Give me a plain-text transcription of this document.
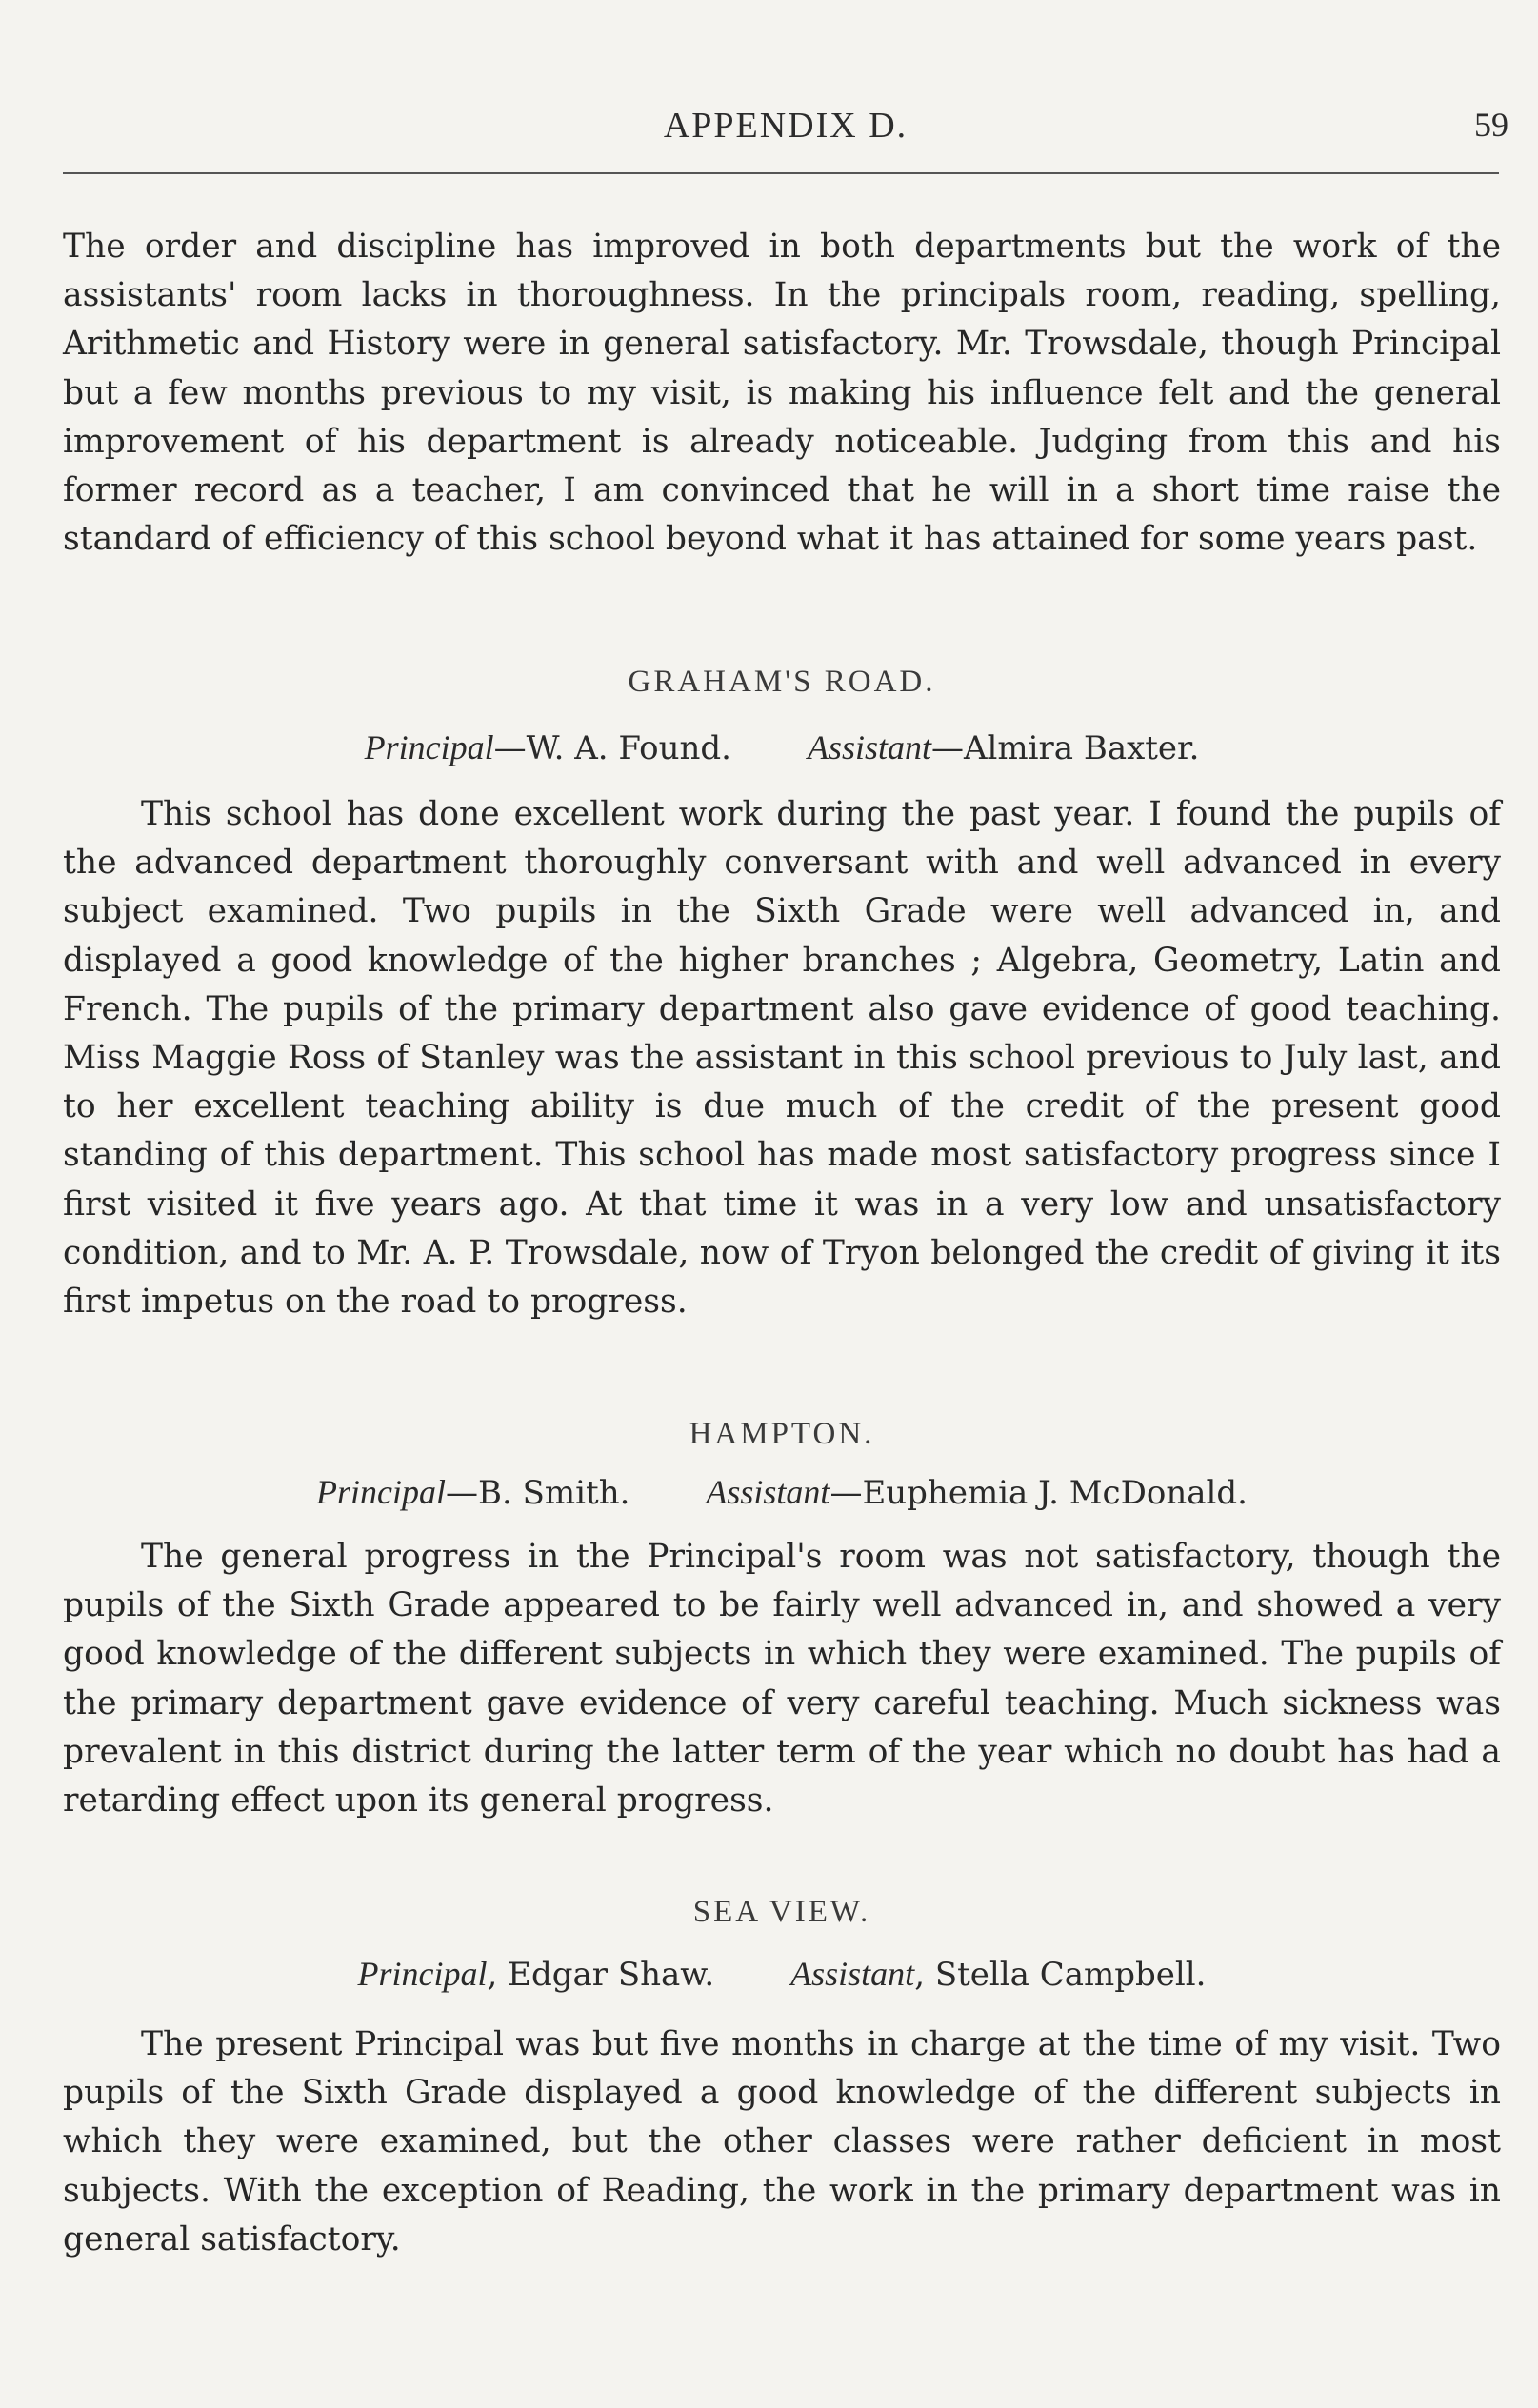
APPENDIX D.	59

The order and discipline has improved in both departments but the work of the assistants' room lacks in thoroughness. In the principals room, reading, spelling, Arithmetic and History were in general satisfactory. Mr. Trowsdale, though Principal but a few months previous to my visit, is making his influence felt and the general improvement of his department is already noticeable. Judging from this and his former record as a teacher, I am convinced that he will in a short time raise the standard of efficiency of this school beyond what it has attained for some years past.

GRAHAM'S ROAD.

Principal—W. A. Found. Assistant—Almira Baxter.

This school has done excellent work during the past year. I found the pupils of the advanced department thoroughly conversant with and well advanced in every subject examined. Two pupils in the Sixth Grade were well advanced in, and displayed a good knowledge of the higher branches ; Algebra, Geometry, Latin and French. The pupils of the primary department also gave evidence of good teaching. Miss Maggie Ross of Stanley was the assistant in this school previous to July last, and to her excellent teaching ability is due much of the credit of the present good standing of this department. This school has made most satisfactory progress since I first visited it five years ago. At that time it was in a very low and unsatisfactory condition, and to Mr. A. P. Trowsdale, now of Tryon belonged the credit of giving it its first impetus on the road to progress.

HAMPTON.

Principal—B. Smith. Assistant—Euphemia J. McDonald.

The general progress in the Principal's room was not satisfactory, though the pupils of the Sixth Grade appeared to be fairly well advanced in, and showed a very good knowledge of the different subjects in which they were examined. The pupils of the primary department gave evidence of very careful teaching. Much sickness was prevalent in this district during the latter term of the year which no doubt has had a retarding effect upon its general progress.

SEA VIEW.

Principal, Edgar Shaw. Assistant, Stella Campbell.

The present Principal was but five months in charge at the time of my visit. Two pupils of the Sixth Grade displayed a good knowledge of the different subjects in which they were examined, but the other classes were rather deficient in most subjects. With the exception of Reading, the work in the primary department was in general satisfactory.
